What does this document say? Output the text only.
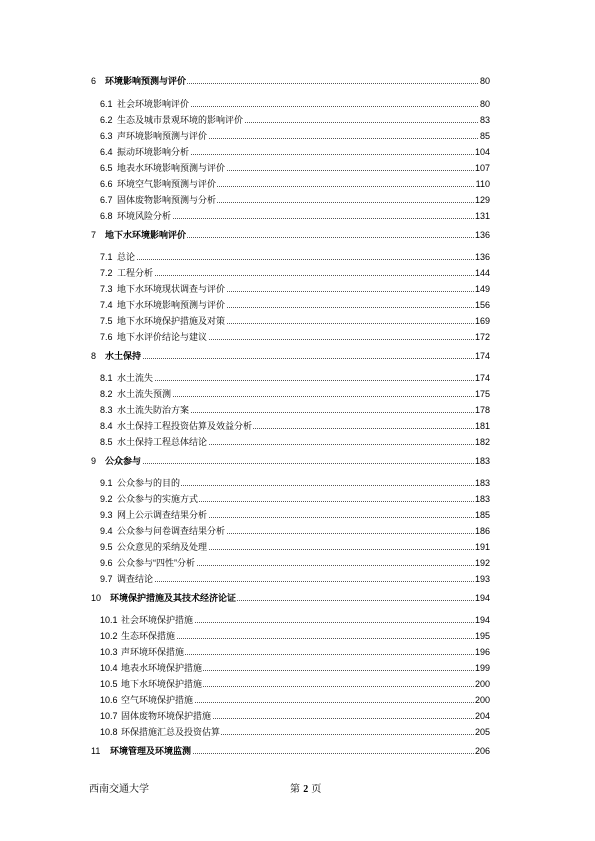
6 环境影响预测与评价	80
6.1 社会环境影响评价	80
6.2 生态及城市景观环境的影响评价	83
6.3 声环境影响预测与评价	85
6.4 振动环境影响分析	104
6.5 地表水环境影响预测与评价	107
6.6 环境空气影响预测与评价	110
6.7 固体废物影响预测与分析	129
6.8 环境风险分析	131
7 地下水环境影响评价	136
7.1 总论	136
7.2 工程分析	144
7.3 地下水环境现状调查与评价	149
7.4 地下水环境影响预测与评价	156
7.5 地下水环境保护措施及对策	169
7.6 地下水评价结论与建议	172
8 水土保持	174
8.1 水土流失	174
8.2 水土流失预测	175
8.3 水土流失防治方案	178
8.4 水土保持工程投资估算及效益分析	181
8.5 水土保持工程总体结论	182
9 公众参与	183
9.1 公众参与的目的	183
9.2 公众参与的实施方式	183
9.3 网上公示调查结果分析	185
9.4 公众参与问卷调查结果分析	186
9.5 公众意见的采纳及处理	191
9.6 公众参与“四性”分析	192
9.7 调查结论	193
10 环境保护措施及其技术经济论证	194
10.1 社会环境保护措施	194
10.2 生态环保措施	195
10.3 声环境环保措施	196
10.4 地表水环境保护措施	199
10.5 地下水环境保护措施	200
10.6 空气环境保护措施	200
10.7 固体废物环境保护措施	204
10.8 环保措施汇总及投资估算	205
11 环境管理及环境监测	206
西南交通大学	第 2 页
